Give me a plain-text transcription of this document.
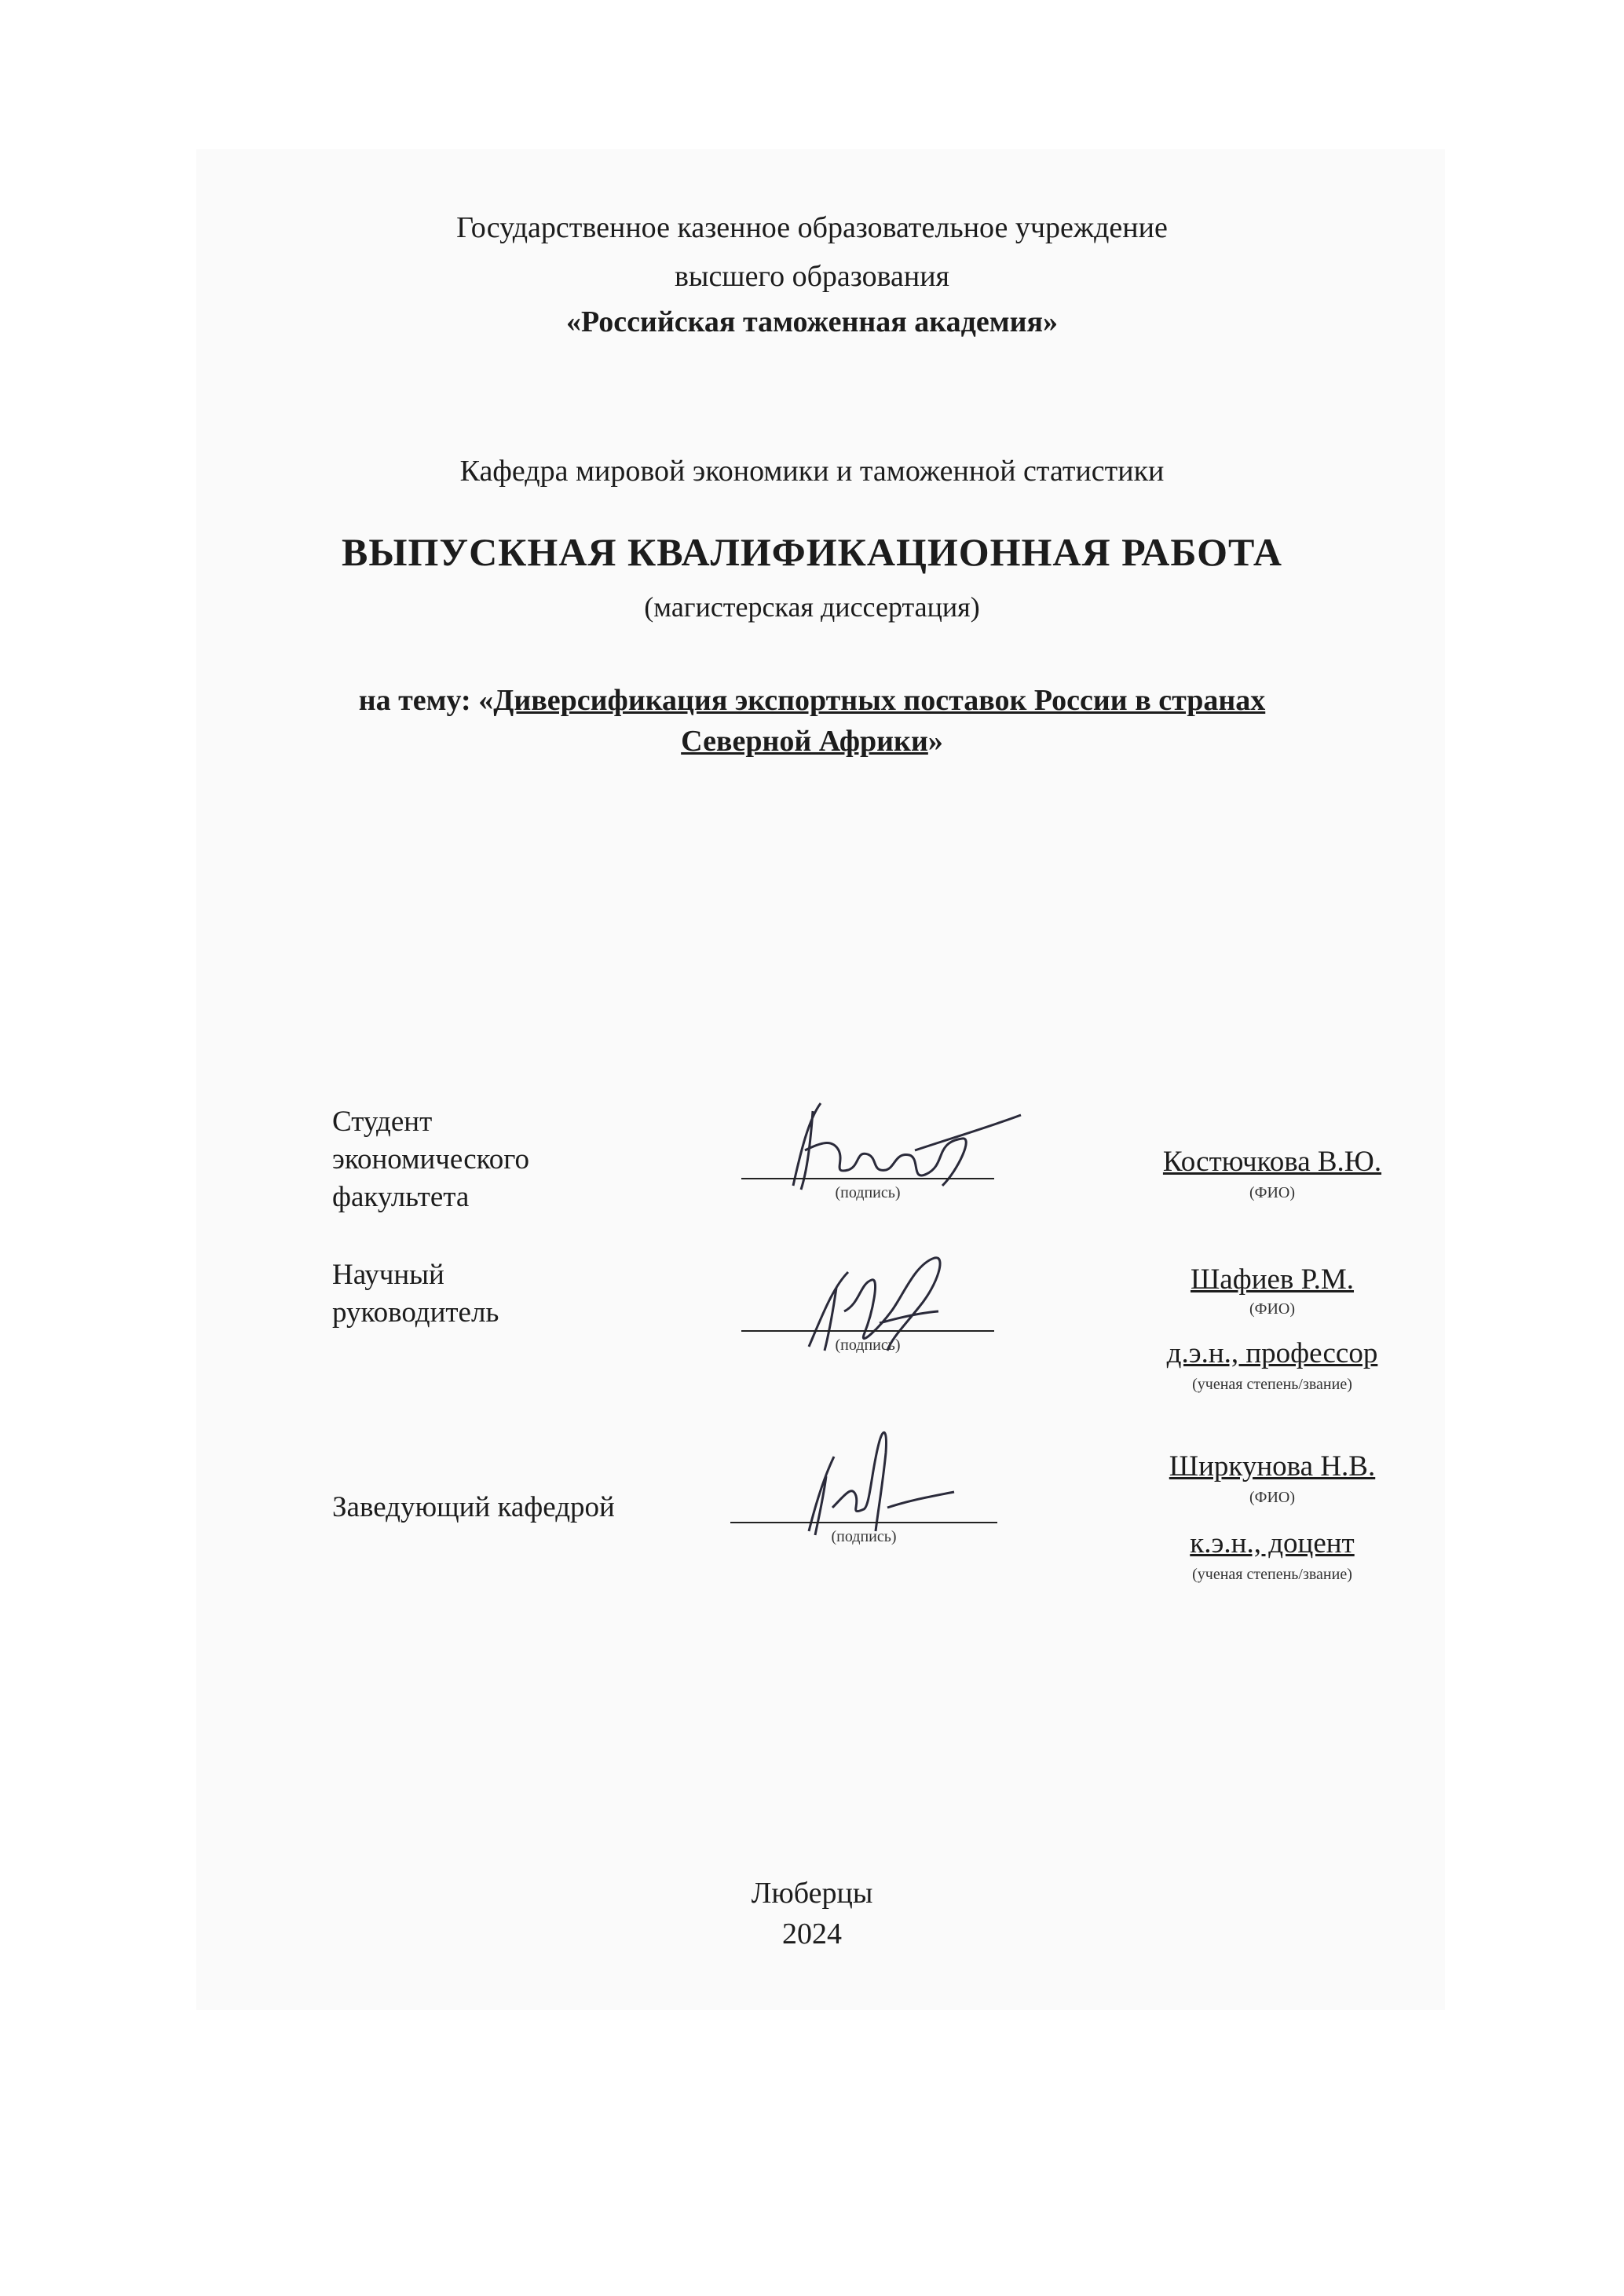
Государственное казенное образовательное учреждение
высшего образования
«Российская таможенная академия»
Кафедра мировой экономики и таможенной статистики
ВЫПУСКНАЯ КВАЛИФИКАЦИОННАЯ РАБОТА
(магистерская диссертация)
на тему: «Диверсификация экспортных поставок России в странах
Северной Африки»
Студент
экономического
факультета	(подпись)
Костючкова В.Ю.
(ФИО)
Научный
руководитель
(подпись)
Шафиев Р.М.
(ФИО)
д.э.н., профессор
(ученая степень/звание)
Заведующий кафедрой
(подпись)
Ширкунова Н.В.
(ФИО)
к.э.н., доцент
(ученая степень/звание)
Люберцы
2024
